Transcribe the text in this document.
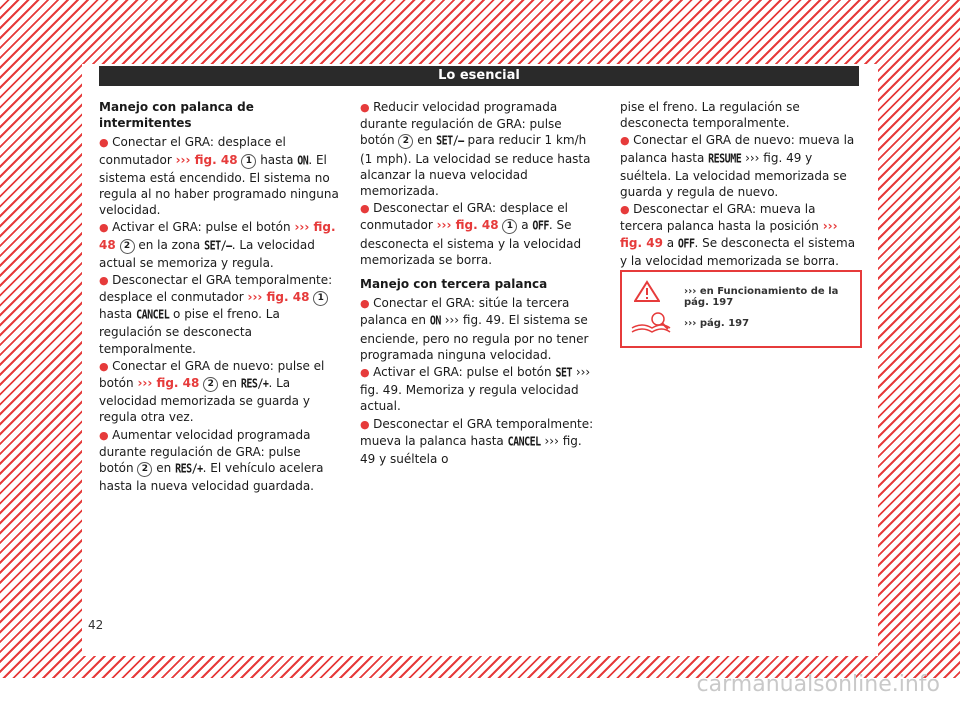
Lo esencial
Manejo con palanca de intermitentes

● Conectar el GRA: desplace el conmutador ››› fig. 48 1 hasta ON. El sistema está encendido. El sistema no regula al no haber programado ninguna velocidad.

● Activar el GRA: pulse el botón ››› fig. 48 2 en la zona SET/–. La velocidad actual se memoriza y regula.

● Desconectar el GRA temporalmente: desplace el conmutador ››› fig. 48 1 hasta CANCEL o pise el freno. La regulación se desconecta temporalmente.

● Conectar el GRA de nuevo: pulse el botón ››› fig. 48 2 en RES/+. La velocidad memorizada se guarda y regula otra vez.

● Aumentar velocidad programada durante regulación de GRA: pulse botón 2 en RES/+. El vehículo acelera hasta la nueva velocidad guardada.

● Reducir velocidad programada durante regulación de GRA: pulse botón 2 en SET/– para reducir 1 km/h (1 mph). La velocidad se reduce hasta alcanzar la nueva velocidad memorizada.

● Desconectar el GRA: desplace el conmutador ››› fig. 48 1 a OFF. Se desconecta el sistema y la velocidad memorizada se borra.

Manejo con tercera palanca

● Conectar el GRA: sitúe la tercera palanca en ON ››› fig. 49. El sistema se enciende, pero no regula por no tener programada ninguna velocidad.

● Activar el GRA: pulse el botón SET ››› fig. 49. Memoriza y regula velocidad actual.

● Desconectar el GRA temporalmente: mueva la palanca hasta CANCEL ››› fig. 49 y suéltela o

pise el freno. La regulación se desconecta temporalmente.

● Conectar el GRA de nuevo: mueva la palanca hasta RESUME ››› fig. 49 y suéltela. La velocidad memorizada se guarda y regula de nuevo.

● Desconectar el GRA: mueva la tercera palanca hasta la posición ››› fig. 49 a OFF. Se desconecta el sistema y la velocidad memorizada se borra.

››› en Funcionamiento de la pág. 197
››› pág. 197
42
carmanualsonline.info
